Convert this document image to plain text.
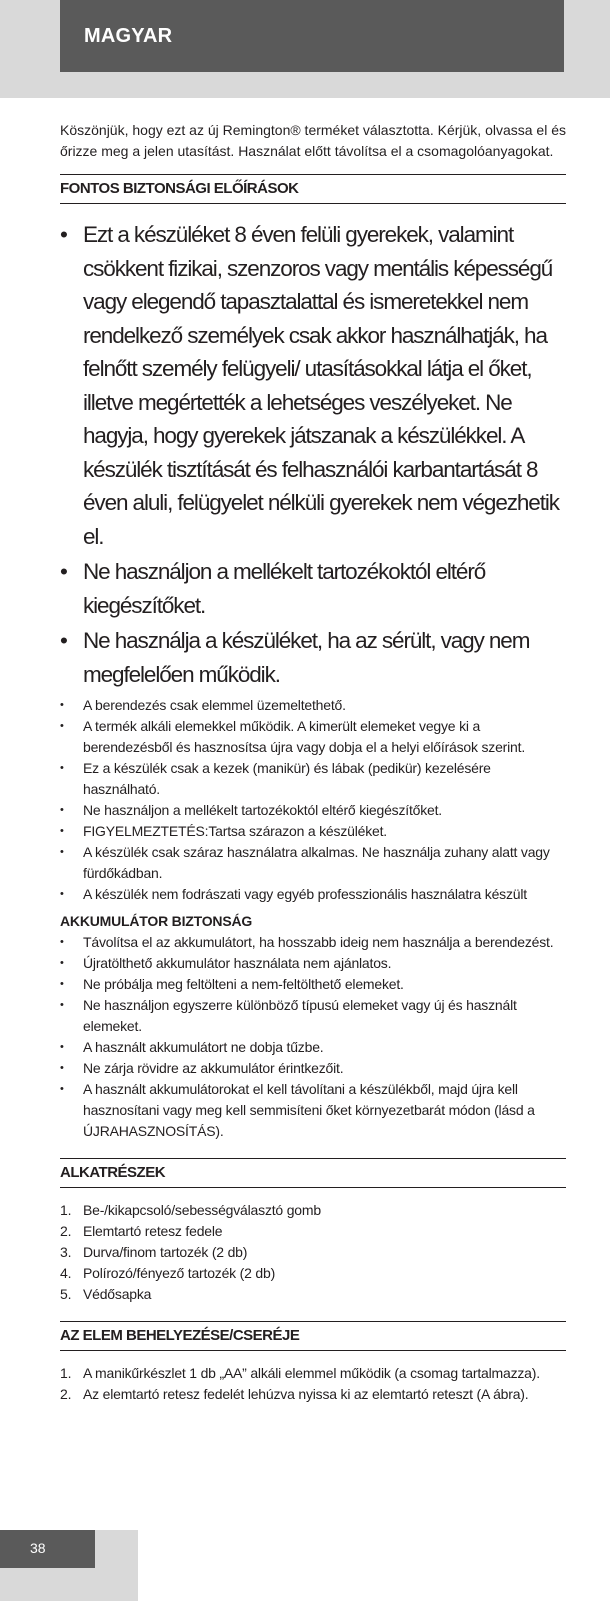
MAGYAR

Köszönjük, hogy ezt az új Remington® terméket választotta. Kérjük, olvassa el és őrizze meg a jelen utasítást. Használat előtt távolítsa el a csomagolóanyagokat.

FONTOS BIZTONSÁGI ELŐÍRÁSOK
• Ezt a készüléket 8 éven felüli gyerekek, valamint csökkent fizikai, szenzoros vagy mentális képességű vagy elegendő tapasztalattal és ismeretekkel nem rendelkező személyek csak akkor használhatják, ha felnőtt személy felügyeli/ utasításokkal látja el őket, illetve megértették a lehetséges veszélyeket. Ne hagyja, hogy gyerekek játszanak a készülékkel. A készülék tisztítását és felhasználói karbantartását 8 éven aluli, felügyelet nélküli gyerekek nem végezhetik el.
• Ne használjon a mellékelt tartozékoktól eltérő kiegészítőket.
• Ne használja a készüléket, ha az sérült, vagy nem megfelelően működik.
• A berendezés csak elemmel üzemeltethető.
• A termék alkáli elemekkel működik. A kimerült elemeket vegye ki a berendezésből és hasznosítsa újra vagy dobja el a helyi előírások szerint.
• Ez a készülék csak a kezek (manikür) és lábak (pedikür) kezelésére használható.
• Ne használjon a mellékelt tartozékoktól eltérő kiegészítőket.
• FIGYELMEZTETÉS:Tartsa szárazon a készüléket.
• A készülék csak száraz használatra alkalmas. Ne használja zuhany alatt vagy fürdőkádban.
• A készülék nem fodrászati vagy egyéb professzionális használatra készült
AKKUMULÁTOR BIZTONSÁG
• Távolítsa el az akkumulátort, ha hosszabb ideig nem használja a berendezést.
• Újratölthető akkumulátor használata nem ajánlatos.
• Ne próbálja meg feltölteni a nem-feltölthető elemeket.
• Ne használjon egyszerre különböző típusú elemeket vagy új és használt elemeket.
• A használt akkumulátort ne dobja tűzbe.
• Ne zárja rövidre az akkumulátor érintkezőit.
• A használt akkumulátorokat el kell távolítani a készülékből, majd újra kell hasznosítani vagy meg kell semmisíteni őket környezetbarát módon (lásd a ÚJRAHASZNOSÍTÁS).
ALKATRÉSZEK
1. Be-/kikapcsoló/sebességválasztó gomb
2. Elemtartó retesz fedele
3. Durva/finom tartozék (2 db)
4. Polírozó/fényező tartozék (2 db)
5. Védősapka
AZ ELEM BEHELYEZÉSE/CSERÉJE
1. A manikűrkészlet 1 db „AA” alkáli elemmel működik (a csomag tartalmazza).
2. Az elemtartó retesz fedelét lehúzva nyissa ki az elemtartó reteszt (A ábra).
38
